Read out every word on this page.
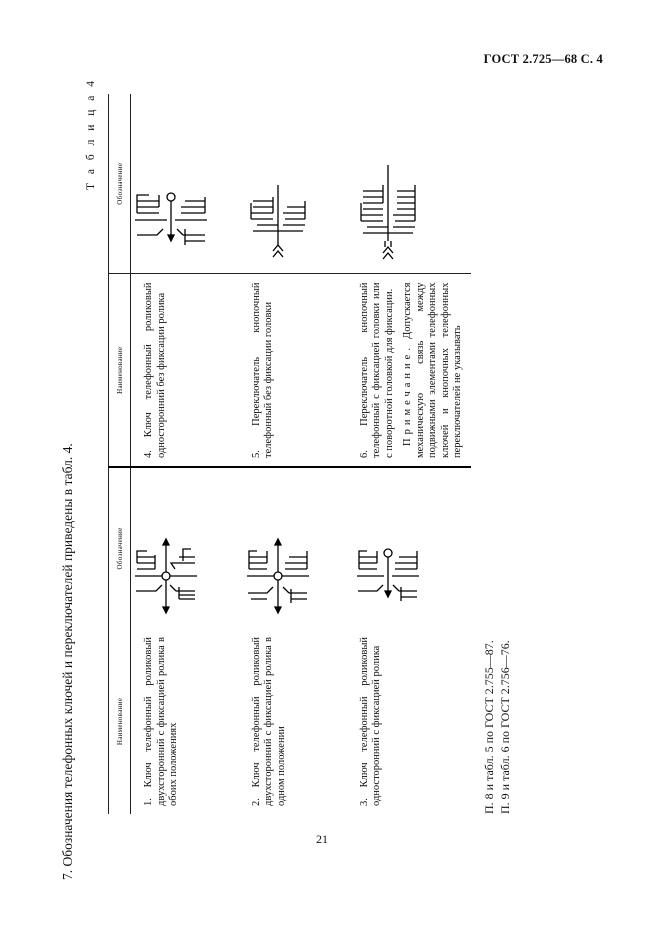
ГОСТ 2.725—68 С. 4
7. Обозначения телефонных ключей и переключателей приведены в табл. 4.
Т а б л и ц а 4
Наименование	Обозначение	Наименование	Обозначение
1. Ключ телефонный роликовый двухсторонний с фиксацией ролика в обоих положениях		4. Ключ телефонный роликовый односторонний без фиксации ролика	
2. Ключ телефонный роликовый двухсторонний с фиксацией ролика в одном положении		5. Переключатель кнопочный телефонный без фиксации головки	
3. Ключ телефонный роликовый односторонний с фиксацией ролика		6. Переключатель кнопочный телефонный с фиксацией головки или с поворотной головкой для фиксации. Примечание. Допускается механическую связь между подвижными элементами телефонных ключей и кнопочных телефонных переключателей не указывать

П. 8 и табл. 5 по ГОСТ 2.755—87. П. 9 и табл. 6 по ГОСТ 2.756—76.
21
